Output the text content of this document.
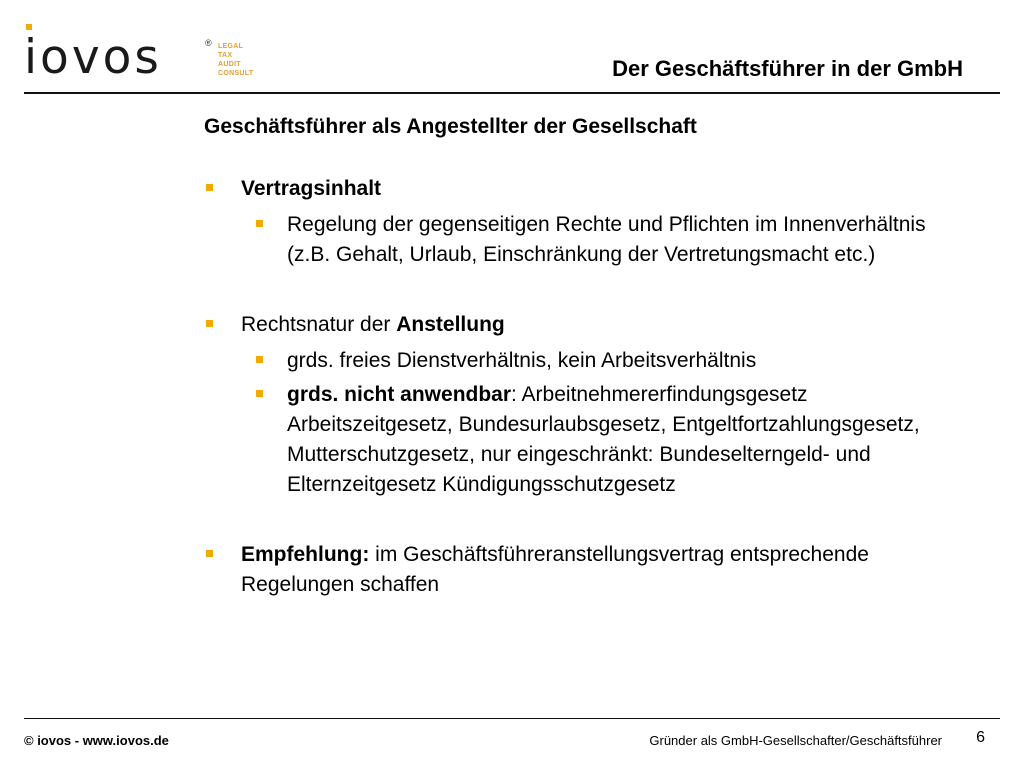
iovos	® LEGAL
TAX
AUDIT
CONSULT	Der Geschäftsführer in der GmbH
Geschäftsführer als Angestellter der Gesellschaft
Vertragsinhalt
Regelung der gegenseitigen Rechte und Pflichten im Innenverhältnis (z.B. Gehalt, Urlaub, Einschränkung der Vertretungsmacht etc.)
Rechtsnatur der Anstellung
grds. freies Dienstverhältnis, kein Arbeitsverhältnis
grds. nicht anwendbar: Arbeitnehmererfindungsgesetz Arbeitszeitgesetz, Bundesurlaubsgesetz, Entgeltfortzahlungsgesetz, Mutterschutzgesetz, nur eingeschränkt: Bundeselterngeld- und Elternzeitgesetz Kündigungsschutzgesetz
Empfehlung: im Geschäftsführeranstellungsvertrag entsprechende Regelungen schaffen
© iovos - www.iovos.de	Gründer als GmbH-Gesellschafter/Geschäftsführer 6
